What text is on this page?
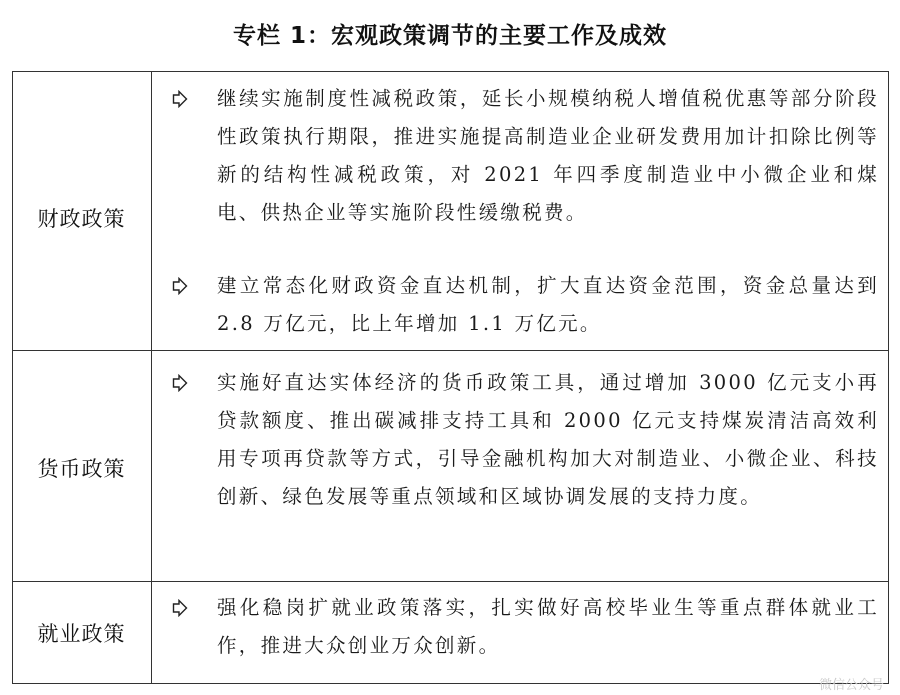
专栏 1：宏观政策调节的主要工作及成效
财政政策
继续实施制度性减税政策，延长小规模纳税人增值税优惠等部分阶段性政策执行期限，推进实施提高制造业企业研发费用加计扣除比例等新的结构性减税政策，对 2021 年四季度制造业中小微企业和煤电、供热企业等实施阶段性缓缴税费。
建立常态化财政资金直达机制，扩大直达资金范围，资金总量达到 2.8 万亿元，比上年增加 1.1 万亿元。
货币政策
实施好直达实体经济的货币政策工具，通过增加 3000 亿元支小再贷款额度、推出碳减排支持工具和 2000 亿元支持煤炭清洁高效利用专项再贷款等方式，引导金融机构加大对制造业、小微企业、科技创新、绿色发展等重点领域和区域协调发展的支持力度。
就业政策
强化稳岗扩就业政策落实，扎实做好高校毕业生等重点群体就业工作，推进大众创业万众创新。
微信公众号
